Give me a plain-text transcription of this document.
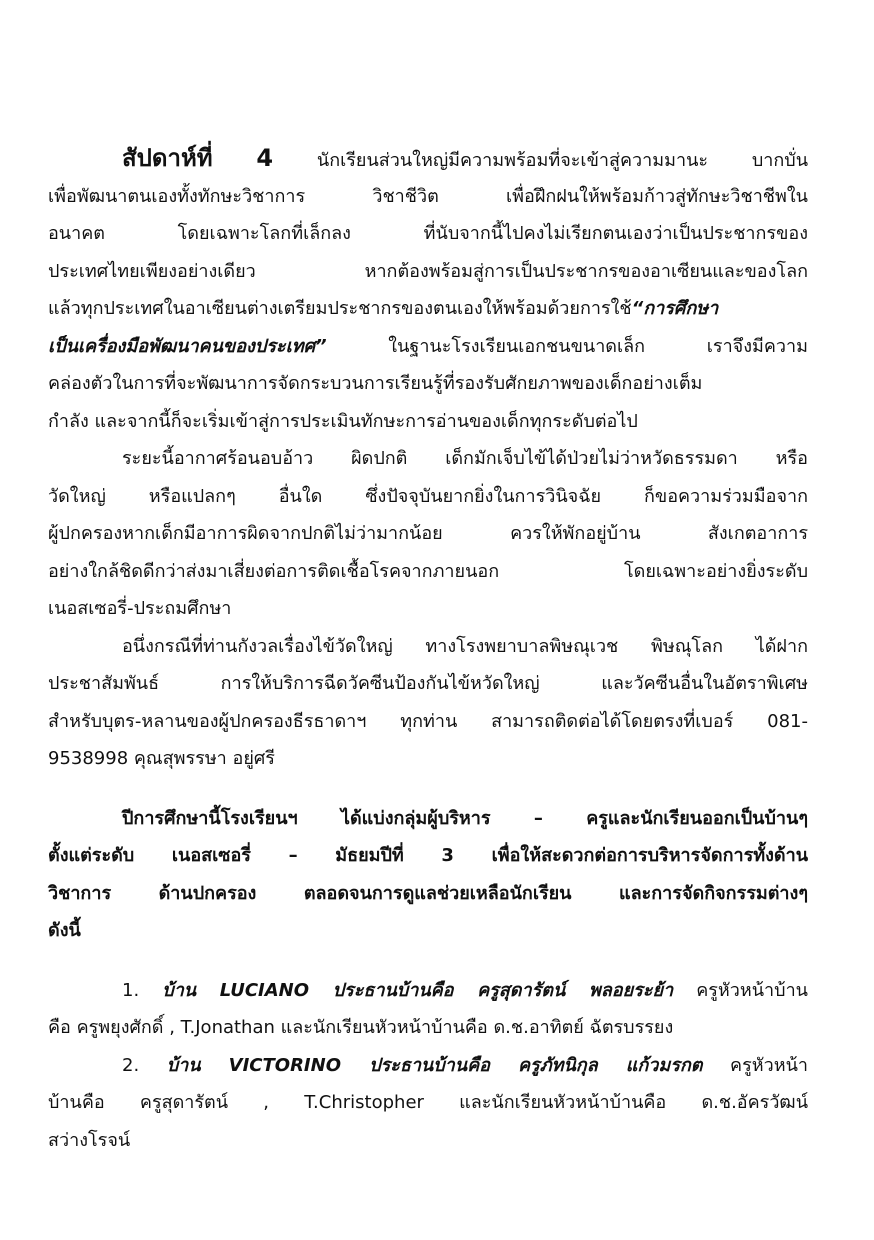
สัปดาห์ที่ 4 นักเรียนส่วนใหญ่มีความพร้อมที่จะเข้าสู่ความมานะ บากบั่น
เพื่อพัฒนาตนเองทั้งทักษะวิชาการ วิชาชีวิต เพื่อฝึกฝนให้พร้อมก้าวสู่ทักษะวิชาชีพใน
อนาคต โดยเฉพาะโลกที่เล็กลง ที่นับจากนี้ไปคงไม่เรียกตนเองว่าเป็นประชากรของ
ประเทศไทยเพียงอย่างเดียว หากต้องพร้อมสู่การเป็นประชากรของอาเซียนและของโลก
แล้วทุกประเทศในอาเซียนต่างเตรียมประชากรของตนเองให้พร้อมด้วยการใช้“การศึกษา
เป็นเครื่องมือพัฒนาคนของประเทศ”	ในฐานะโรงเรียนเอกชนขนาดเล็ก เราจึงมีความ
คล่องตัวในการที่จะพัฒนาการจัดกระบวนการเรียนรู้ที่รองรับศักยภาพของเด็กอย่างเต็ม
กำลัง และจากนี้ก็จะเริ่มเข้าสู่การประเมินทักษะการอ่านของเด็กทุกระดับต่อไป
ระยะนี้อากาศร้อนอบอ้าว ผิดปกติ เด็กมักเจ็บไข้ได้ป่วยไม่ว่าหวัดธรรมดา หรือ
วัดใหญ่ หรือแปลกๆ อื่นใด ซึ่งปัจจุบันยากยิ่งในการวินิจฉัย ก็ขอความร่วมมือจาก
ผู้ปกครองหากเด็กมีอาการผิดจากปกติไม่ว่ามากน้อย ควรให้พักอยู่บ้าน สังเกตอาการ
อย่างใกล้ชิดดีกว่าส่งมาเสี่ยงต่อการติดเชื้อโรคจากภายนอก โดยเฉพาะอย่างยิ่งระดับ
เนอสเซอรี่-ประถมศึกษา
อนึ่งกรณีที่ท่านกังวลเรื่องไข้วัดใหญ่ ทางโรงพยาบาลพิษณุเวช พิษณุโลก ได้ฝาก
ประชาสัมพันธ์ การให้บริการฉีดวัคซีนป้องกันไข้หวัดใหญ่ และวัคซีนอื่นในอัตราพิเศษ
สำหรับบุตร-หลานของผู้ปกครองธีรธาดาฯ ทุกท่าน สามารถติดต่อได้โดยตรงที่เบอร์ 081-
9538998 คุณสุพรรษา อยู่ศรี
ปีการศึกษานี้โรงเรียนฯ ได้แบ่งกลุ่มผู้บริหาร – ครูและนักเรียนออกเป็นบ้านๆ
ตั้งแต่ระดับ เนอสเซอรี่ – มัธยมปีที่ 3 เพื่อให้สะดวกต่อการบริหารจัดการทั้งด้าน
วิชาการ ด้านปกครอง ตลอดจนการดูแลช่วยเหลือนักเรียน และการจัดกิจกรรมต่างๆ
ดังนี้
1. บ้าน LUCIANO ประธานบ้านคือ ครูสุดารัตน์ พลอยระย้า ครูหัวหน้าบ้าน
คือ ครูพยุงศักดิ์ , T.Jonathan และนักเรียนหัวหน้าบ้านคือ ด.ช.อาทิตย์ ฉัตรบรรยง
2. บ้าน VICTORINO ประธานบ้านคือ ครูภัทนิกุล แก้วมรกต ครูหัวหน้า
บ้านคือ ครูสุดารัตน์ , T.Christopher และนักเรียนหัวหน้าบ้านคือ ด.ช.อัครวัฒน์
สว่างโรจน์
